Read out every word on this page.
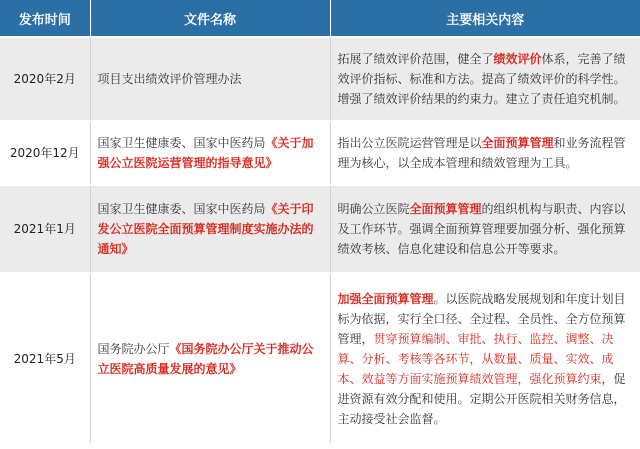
发布时间	文件名称	主要相关内容
2020年2月	项目支出绩效评价管理办法	拓展了绩效评价范围，健全了绩效评价体系，完善了绩效评价指标、标准和方法。提高了绩效评价的科学性。增强了绩效评价结果的约束力。建立了责任追究机制。
2020年12月	国家卫生健康委、国家中医药局《关于加强公立医院运营管理的指导意见》	指出公立医院运营管理是以全面预算管理和业务流程管理为核心，以全成本管理和绩效管理为工具。
2021年1月	国家卫生健康委、国家中医药局《关于印发公立医院全面预算管理制度实施办法的通知》	明确公立医院全面预算管理的组织机构与职责、内容以及工作环节。强调全面预算管理要加强分析、强化预算绩效考核、信息化建设和信息公开等要求。
2021年5月	国务院办公厅《国务院办公厅关于推动公立医院高质量发展的意见》	加强全面预算管理。以医院战略发展规划和年度计划目标为依据，实行全口径、全过程、全员性、全方位预算管理，贯穿预算编制、审批、执行、监控、调整、决算、分析、考核等各环节，从数量、质量、实效、成本、效益等方面实施预算绩效管理，强化预算约束，促进资源有效分配和使用。定期公开医院相关财务信息，主动接受社会监督。
